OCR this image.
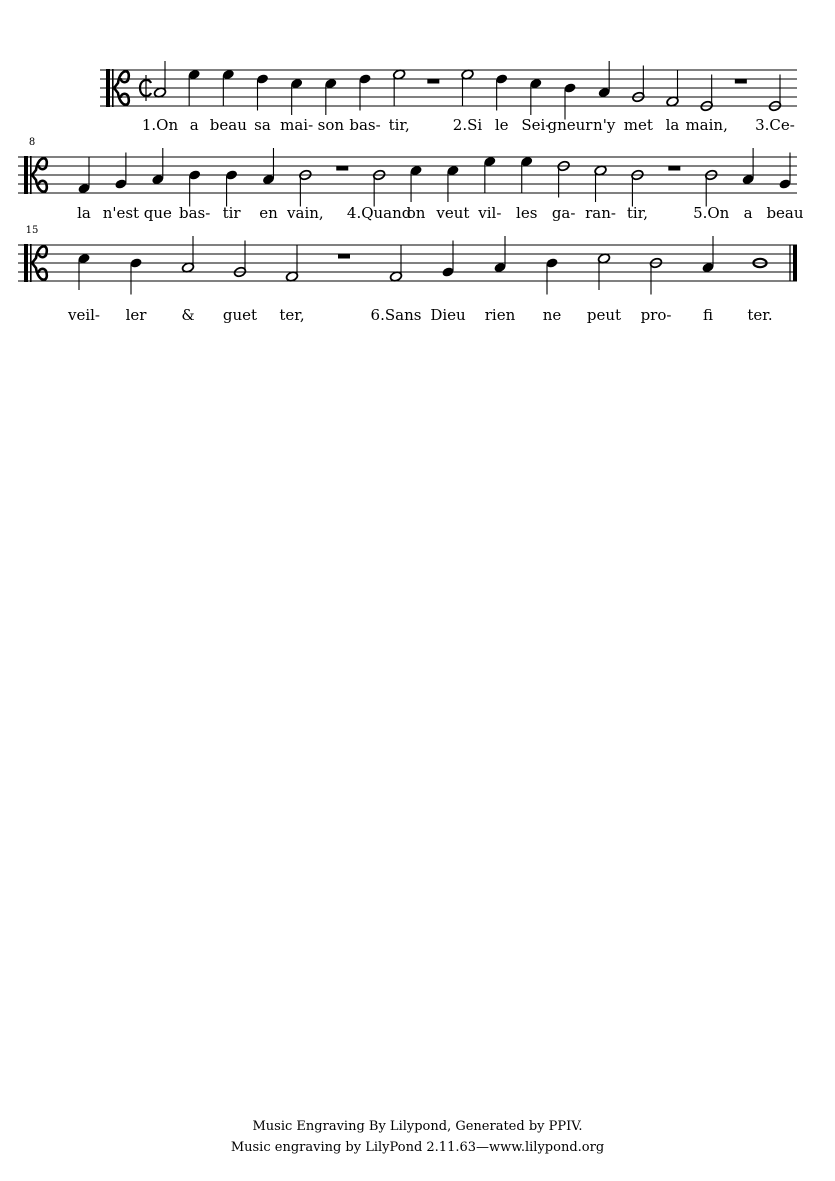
1.On a beau sa mai- son bas- tir,	2.Si le Sei-
gneur n'y met la main, 3.Ce-
8
la n'est que bas- tir en vain, 4.Quand
on veut vil- les ga- ran- tir,	5.On a beau
15
veil- ler & guet ter,	6.Sans Dieu rien ne peut pro- fi ter.
Music Engraving By Lilypond, Generated by PPIV.
Music engraving by LilyPond 2.11.63—www.lilypond.org
